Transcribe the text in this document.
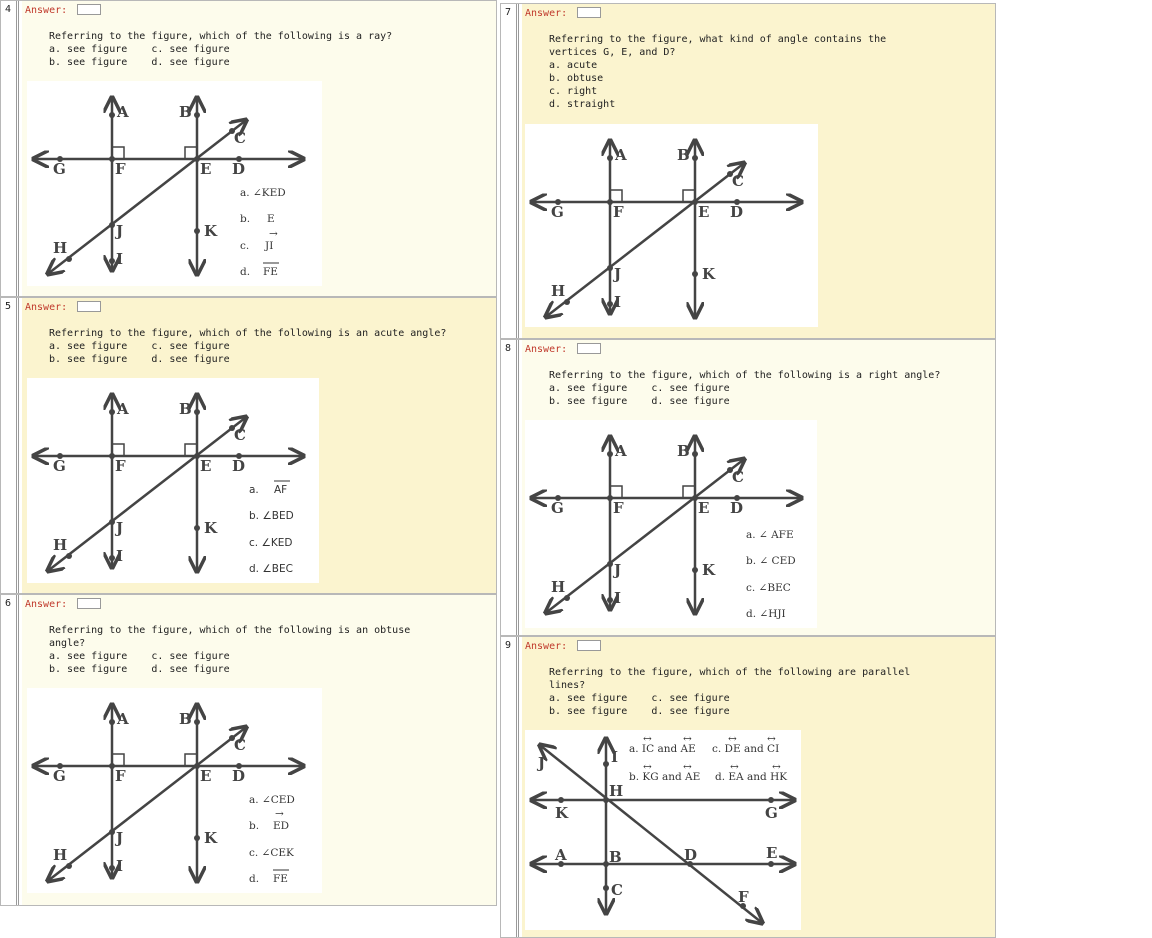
4	Answer:
Referring to the figure, which of the following is a ray?
a. see figure c. see figure
b. see figure d. see figure
A	B
C
G	F	E D
J	K
H
I
a. ∠KED
b. E
c. JI
→
d. FE
5	Answer:
Referring to the figure, which of the following is an acute angle?
a. see figure c. see figure
b. see figure d. see figure
A	B
C
G	F	E D
J	K
H
I
a. AF
b. ∠BED
c. ∠KED
d. ∠BEC
6	Answer:
Referring to the figure, which of the following is an obtuse
angle?
a. see figure c. see figure
b. see figure d. see figure
A	B
C
G	F	E D
J	K
H
I
a. ∠CED
b. ED
→
c. ∠CEK
d. FE
7	Answer:
Referring to the figure, what kind of angle contains the
vertices G, E, and D?
a. acute
b. obtuse
c. right
d. straight
A	B
C
G	F	E D
J	K
H
I
8	Answer:
Referring to the figure, which of the following is a right angle?
a. see figure c. see figure
b. see figure d. see figure
A	B
C
G	F	E D
J	K
H
I
a. ∠ AFE
b. ∠ CED
c. ∠BEC
d. ∠HJI
9	Answer:
Referring to the figure, which of the following are parallel
lines?
a. see figure c. see figure
b. see figure d. see figure
J	I
H
K	G
A	B	D	E
C	F
a. IC and AE c. DE and CI
b. KG and AE d. EA and HK
↔	↔	↔	↔
↔	↔	↔	↔
